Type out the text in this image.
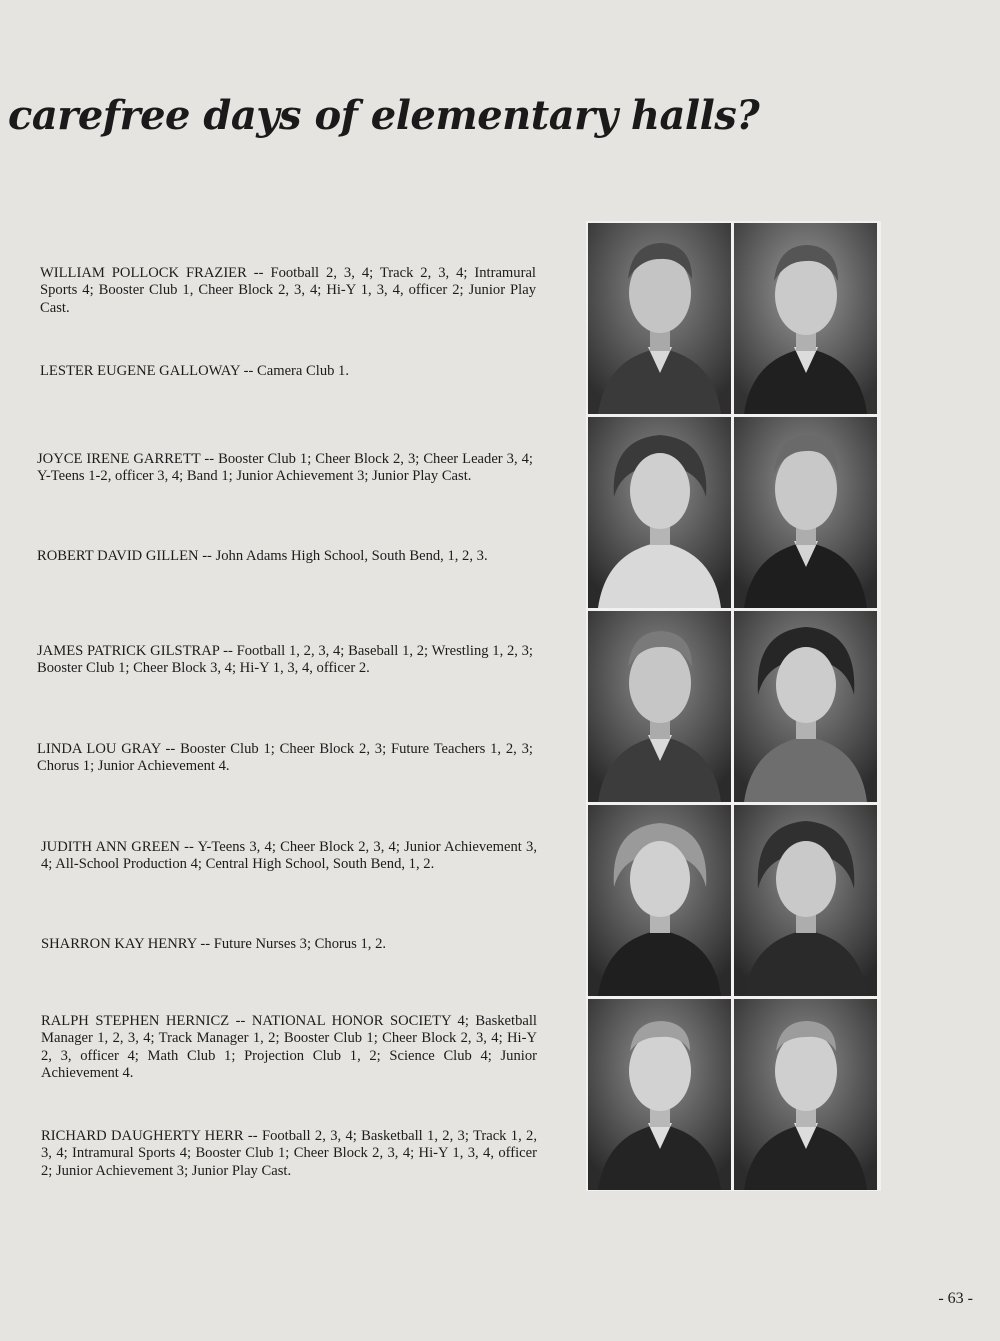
carefree days of elementary halls?
WILLIAM POLLOCK FRAZIER -- Football 2, 3, 4; Track 2, 3, 4; Intramural Sports 4; Booster Club 1, Cheer Block 2, 3, 4; Hi-Y 1, 3, 4, officer 2; Junior Play Cast.
LESTER EUGENE GALLOWAY -- Camera Club 1.
JOYCE IRENE GARRETT -- Booster Club 1; Cheer Block 2, 3; Cheer Leader 3, 4; Y-Teens 1-2, officer 3, 4; Band 1; Junior Achievement 3; Junior Play Cast.
ROBERT DAVID GILLEN -- John Adams High School, South Bend, 1, 2, 3.
JAMES PATRICK GILSTRAP -- Football 1, 2, 3, 4; Baseball 1, 2; Wrestling 1, 2, 3; Booster Club 1; Cheer Block 3, 4; Hi-Y 1, 3, 4, officer 2.
LINDA LOU GRAY -- Booster Club 1; Cheer Block 2, 3; Future Teachers 1, 2, 3; Chorus 1; Junior Achievement 4.
JUDITH ANN GREEN -- Y-Teens 3, 4; Cheer Block 2, 3, 4; Junior Achievement 3, 4; All-School Production 4; Central High School, South Bend, 1, 2.
SHARRON KAY HENRY -- Future Nurses 3; Chorus 1, 2.
RALPH STEPHEN HERNICZ -- NATIONAL HONOR SOCIETY 4; Basketball Manager 1, 2, 3, 4; Track Manager 1, 2; Booster Club 1; Cheer Block 2, 3, 4; Hi-Y 2, 3, officer 4; Math Club 1; Projection Club 1, 2; Science Club 4; Junior Achievement 4.
RICHARD DAUGHERTY HERR -- Football 2, 3, 4; Basketball 1, 2, 3; Track 1, 2, 3, 4; Intramural Sports 4; Booster Club 1; Cheer Block 2, 3, 4; Hi-Y 1, 3, 4, officer 2; Junior Achievement 3; Junior Play Cast.
- 63 -
